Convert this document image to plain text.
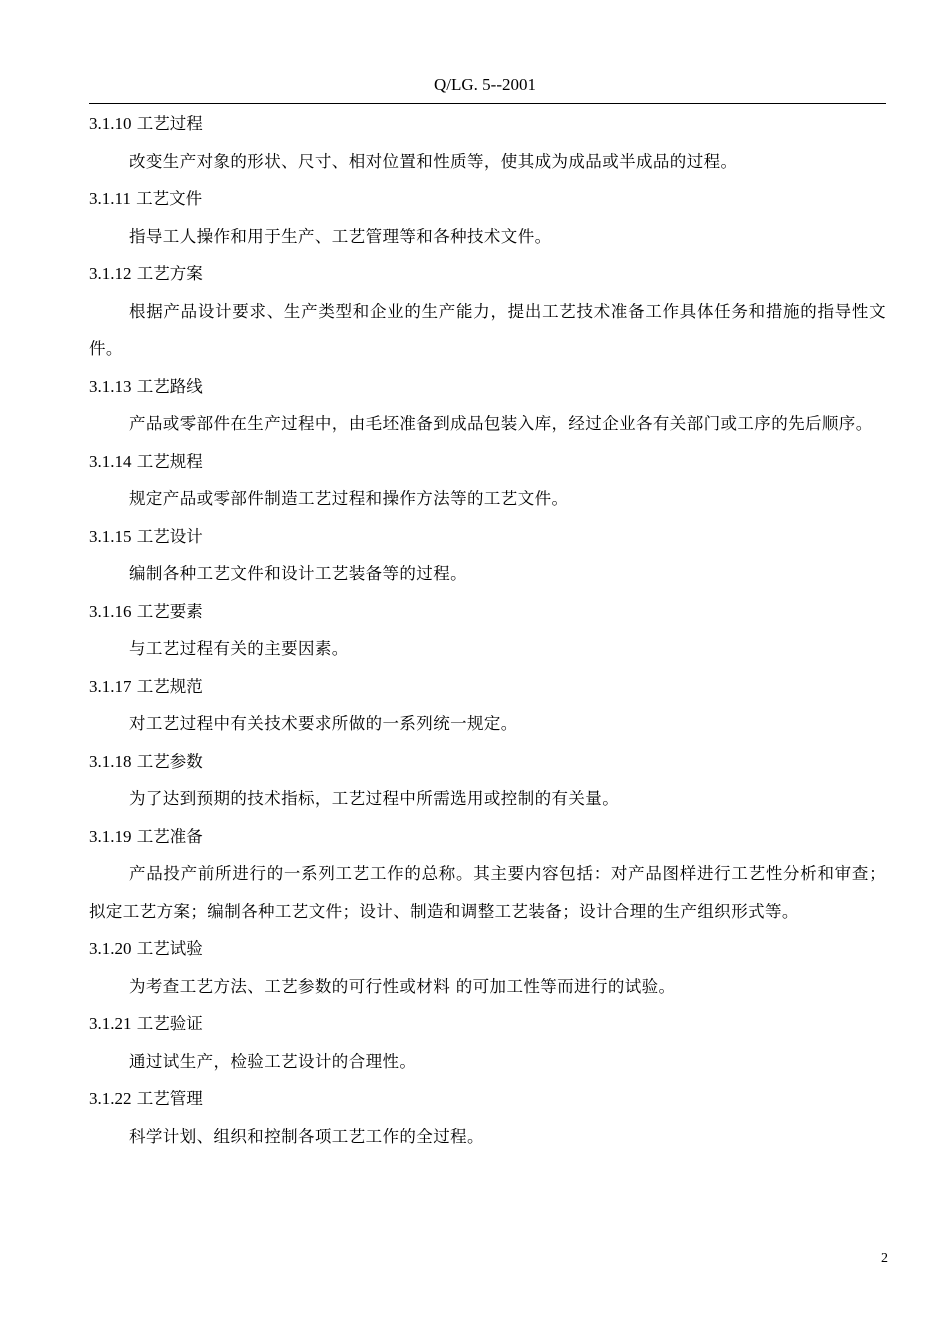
Q/LG. 5--2001
3.1.10 工艺过程
改变生产对象的形状、尺寸、相对位置和性质等，使其成为成品或半成品的过程。
3.1.11 工艺文件
指导工人操作和用于生产、工艺管理等和各种技术文件。
3.1.12 工艺方案
根据产品设计要求、生产类型和企业的生产能力，提出工艺技术准备工作具体任务和措施的指导性文件。
3.1.13 工艺路线
产品或零部件在生产过程中，由毛坯准备到成品包装入库，经过企业各有关部门或工序的先后顺序。
3.1.14 工艺规程
规定产品或零部件制造工艺过程和操作方法等的工艺文件。
3.1.15 工艺设计
编制各种工艺文件和设计工艺装备等的过程。
3.1.16 工艺要素
与工艺过程有关的主要因素。
3.1.17 工艺规范
对工艺过程中有关技术要求所做的一系列统一规定。
3.1.18 工艺参数
为了达到预期的技术指标，工艺过程中所需选用或控制的有关量。
3.1.19 工艺准备
产品投产前所进行的一系列工艺工作的总称。其主要内容包括：对产品图样进行工艺性分析和审查；拟定工艺方案；编制各种工艺文件；设计、制造和调整工艺装备；设计合理的生产组织形式等。
3.1.20 工艺试验
为考查工艺方法、工艺参数的可行性或材料 的可加工性等而进行的试验。
3.1.21 工艺验证
通过试生产，检验工艺设计的合理性。
3.1.22 工艺管理
科学计划、组织和控制各项工艺工作的全过程。
2
